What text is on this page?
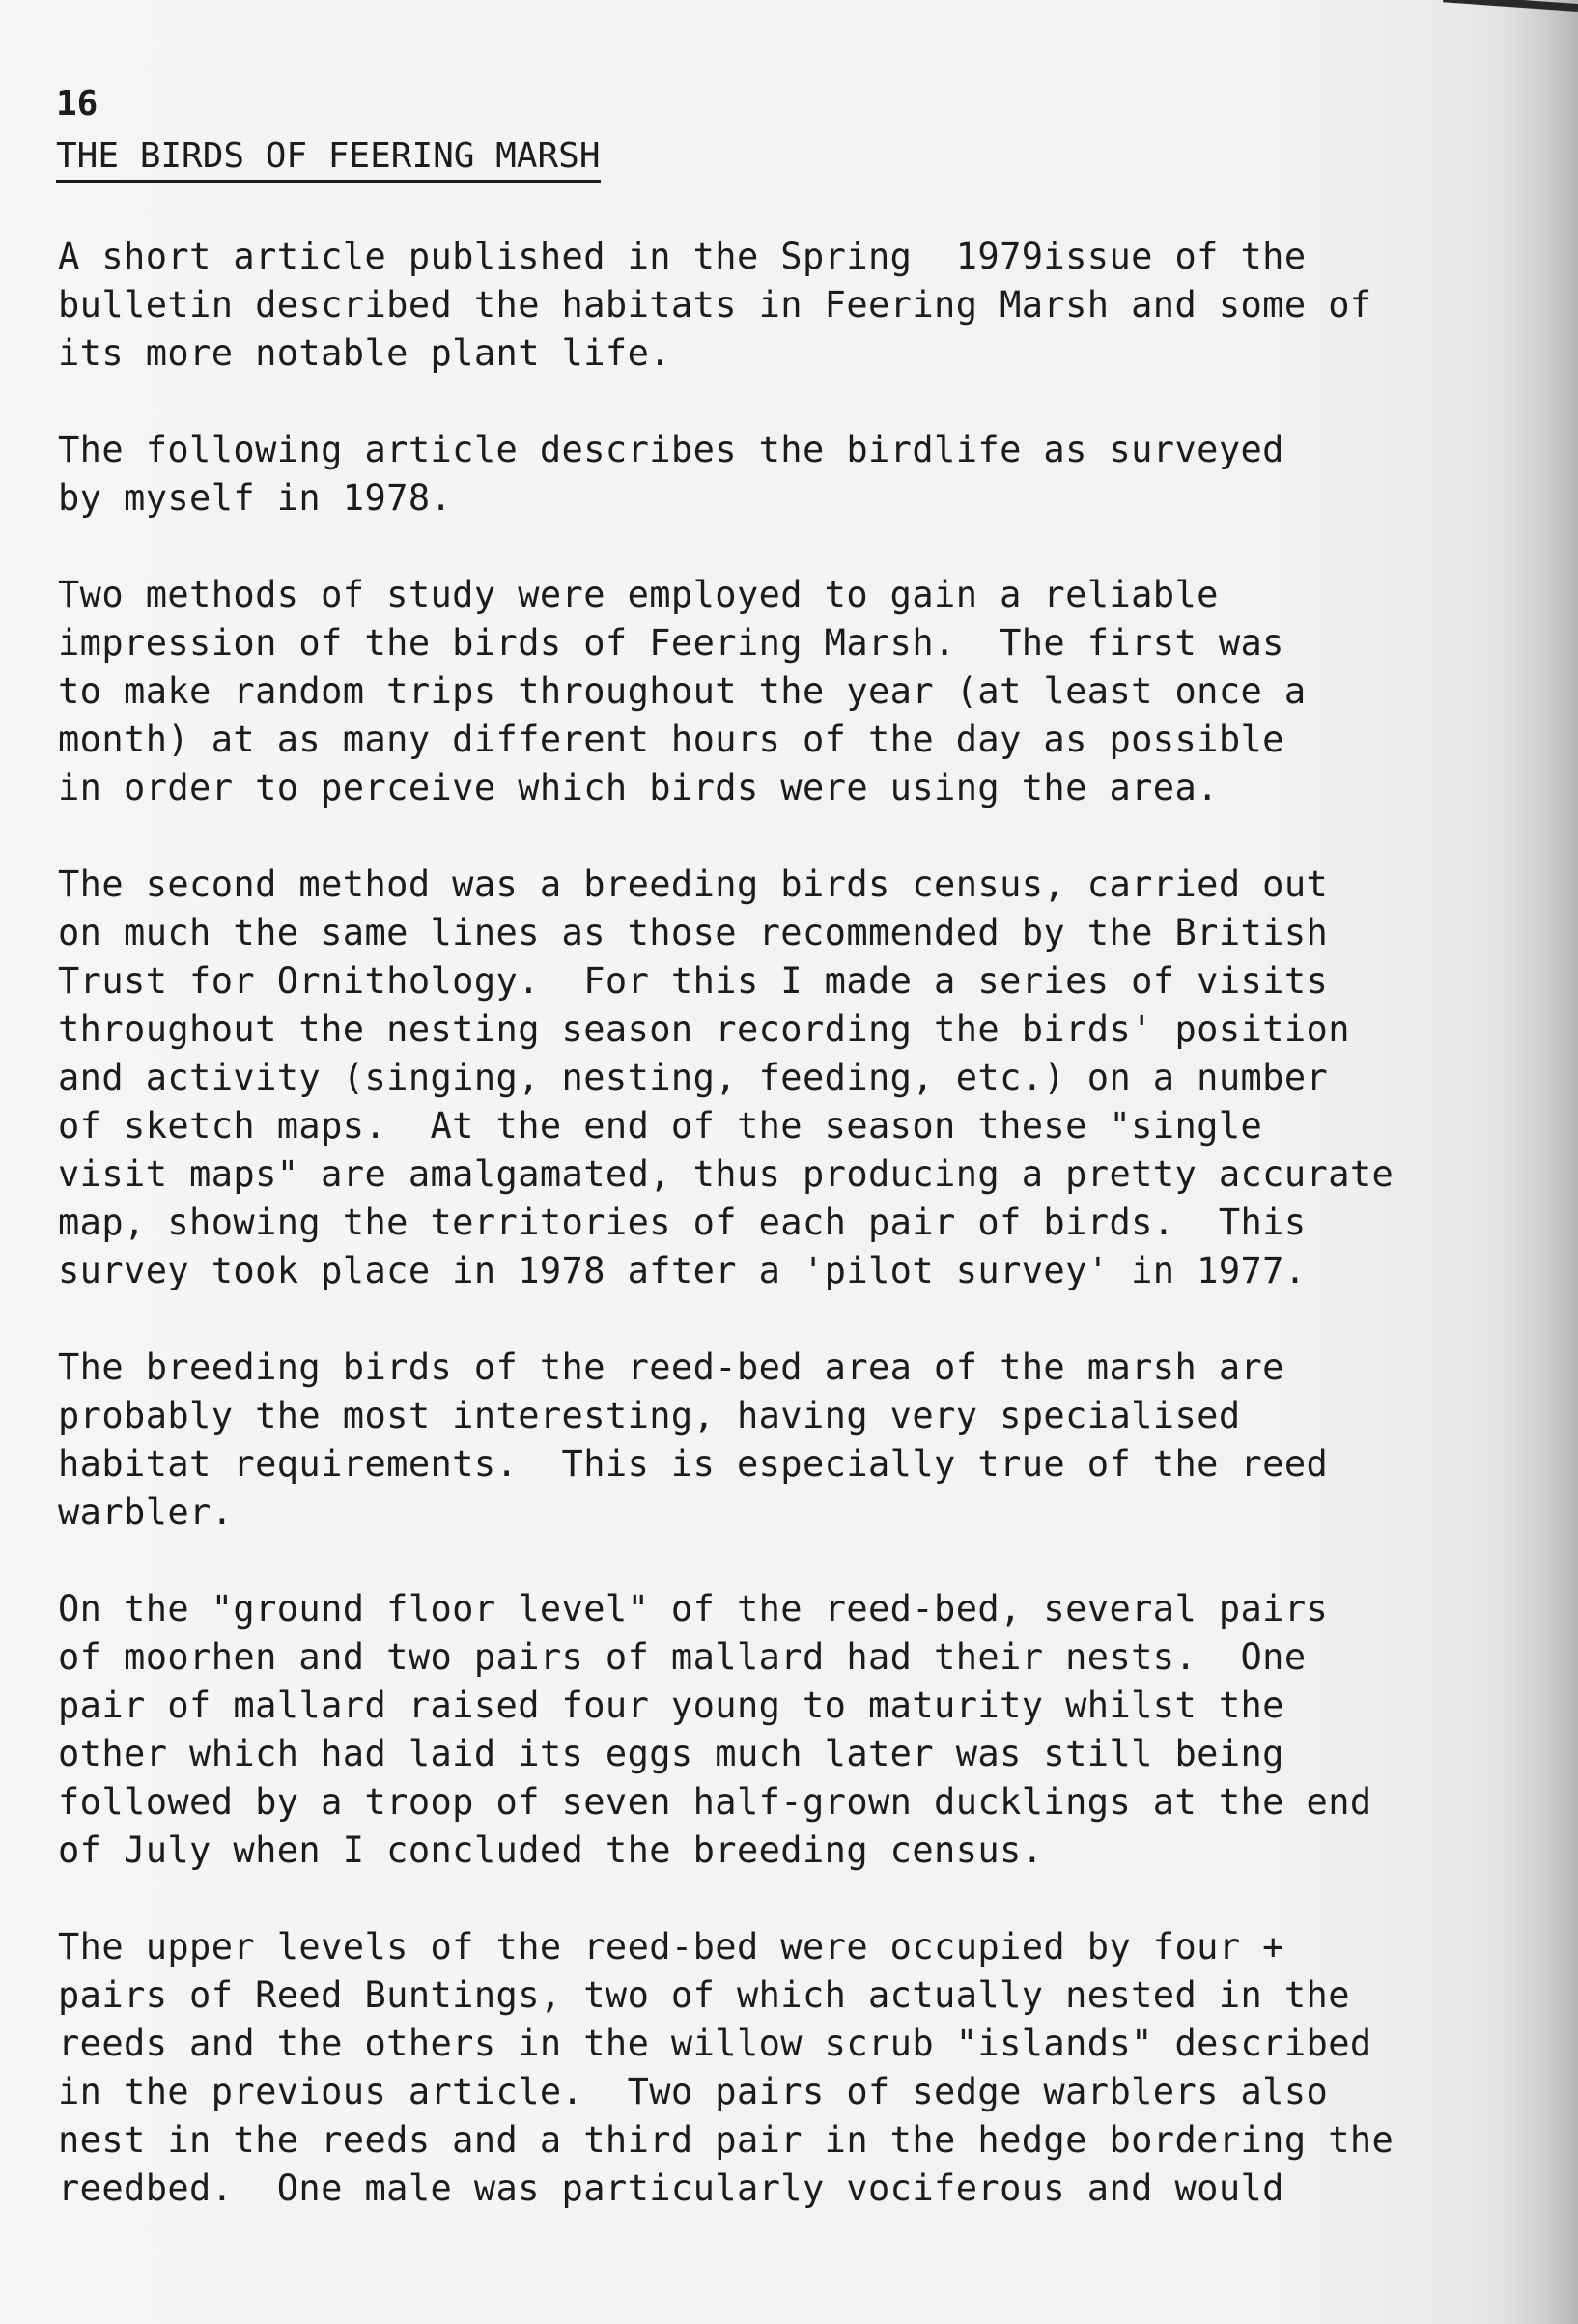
16
THE BIRDS OF FEERING MARSH
A short article published in the Spring  1979issue of the
bulletin described the habitats in Feering Marsh and some of
its more notable plant life.
The following article describes the birdlife as surveyed
by myself in 1978.
Two methods of study were employed to gain a reliable
impression of the birds of Feering Marsh.  The first was
to make random trips throughout the year (at least once a
month) at as many different hours of the day as possible
in order to perceive which birds were using the area.
The second method was a breeding birds census, carried out
on much the same lines as those recommended by the British
Trust for Ornithology.  For this I made a series of visits
throughout the nesting season recording the birds' position
and activity (singing, nesting, feeding, etc.) on a number
of sketch maps.  At the end of the season these "single
visit maps" are amalgamated, thus producing a pretty accurate
map, showing the territories of each pair of birds.  This
survey took place in 1978 after a 'pilot survey' in 1977.
The breeding birds of the reed-bed area of the marsh are
probably the most interesting, having very specialised
habitat requirements.  This is especially true of the reed
warbler.
On the "ground floor level" of the reed-bed, several pairs
of moorhen and two pairs of mallard had their nests.  One
pair of mallard raised four young to maturity whilst the
other which had laid its eggs much later was still being
followed by a troop of seven half-grown ducklings at the end
of July when I concluded the breeding census.
The upper levels of the reed-bed were occupied by four +
pairs of Reed Buntings, two of which actually nested in the
reeds and the others in the willow scrub "islands" described
in the previous article.  Two pairs of sedge warblers also
nest in the reeds and a third pair in the hedge bordering the
reedbed.  One male was particularly vociferous and would
